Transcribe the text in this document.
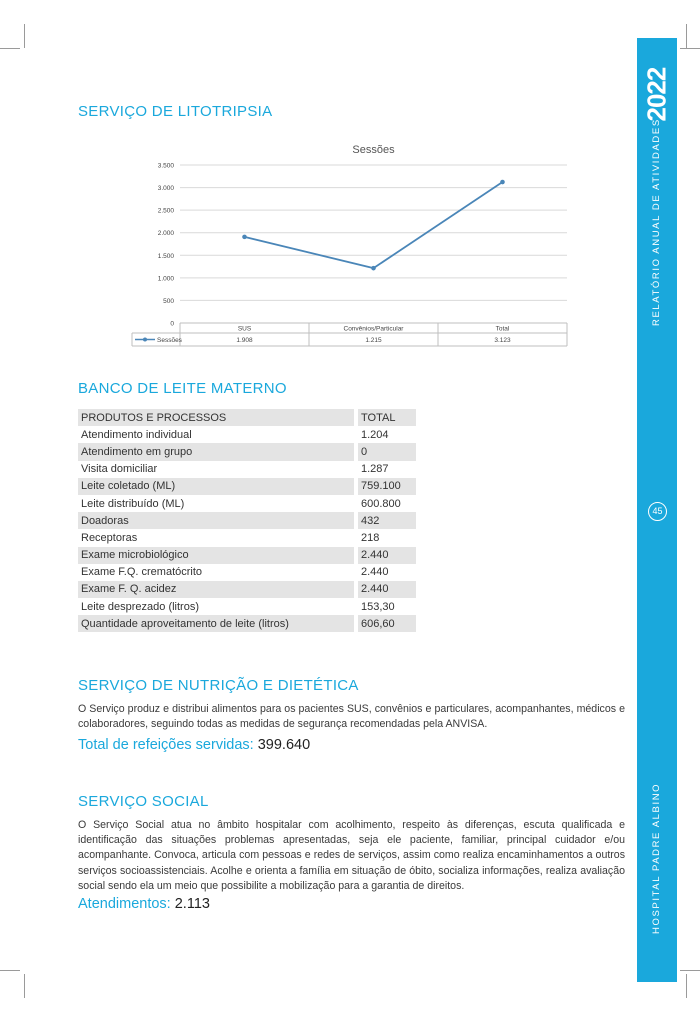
2022
RELATÓRIO ANUAL DE ATIVIDADES
45
HOSPITAL PADRE ALBINO
SERVIÇO DE LITOTRIPSIA
Sessões
0
500
1.000
1.500
2.000
2.500
3.000
3.500
SUS	Convênios/Particular	Total
Sessões	1.908	1.215	3.123
BANCO DE LEITE MATERNO
PRODUTOS E PROCESSOS		TOTAL
Atendimento individual		1.204
Atendimento em grupo		0
Visita domiciliar		1.287
Leite coletado (ML)		759.100
Leite distribuído (ML)		600.800
Doadoras		432
Receptoras		218
Exame microbiológico		2.440
Exame F.Q. crematócrito		2.440
Exame F. Q. acidez		2.440
Leite desprezado (litros)		153,30
Quantidade aproveitamento de leite (litros)		606,60
SERVIÇO DE NUTRIÇÃO E DIETÉTICA

O Serviço produz e distribui alimentos para os pacientes SUS, convênios e particulares, acompanhantes, médicos e colaboradores, seguindo todas as medidas de segurança recomendadas pela ANVISA.

Total de refeições servidas: 399.640
SERVIÇO SOCIAL

O Serviço Social atua no âmbito hospitalar com acolhimento, respeito às diferenças, escuta qualificada e identificação das situações problemas apresentadas, seja ele paciente, familiar, principal cuidador e/ou acompanhante. Convoca, articula com pessoas e redes de serviços, assim como realiza encaminhamentos a outros serviços socioassistenciais. Acolhe e orienta a família em situação de óbito, socializa informações, realiza avaliação social sendo ela um meio que possibilite a mobilização para a garantia de direitos.

Atendimentos: 2.113
